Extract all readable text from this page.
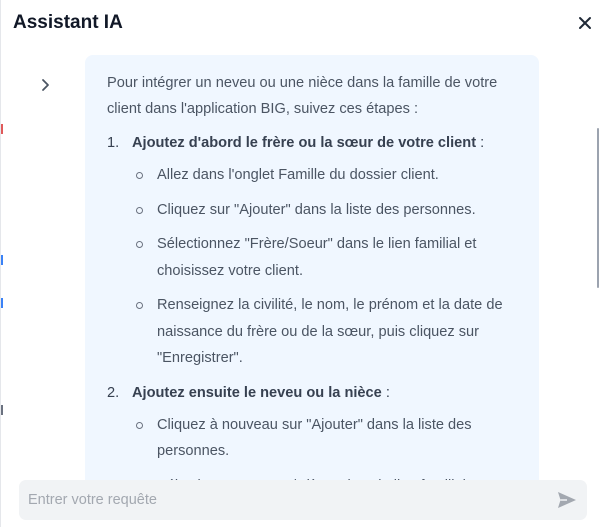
Assistant IA

Pour intégrer un neveu ou une nièce dans la famille de votre client dans l'application BIG, suivez ces étapes :

1. Ajoutez d'abord le frère ou la sœur de votre client :
Allez dans l'onglet Famille du dossier client.
Cliquez sur "Ajouter" dans la liste des personnes.
Sélectionnez "Frère/Soeur" dans le lien familial et choisissez votre client.
Renseignez la civilité, le nom, le prénom et la date de naissance du frère ou de la sœur, puis cliquez sur "Enregistrer".
2. Ajoutez ensuite le neveu ou la nièce :
Cliquez à nouveau sur "Ajouter" dans la liste des personnes.
Entrer votre requête
